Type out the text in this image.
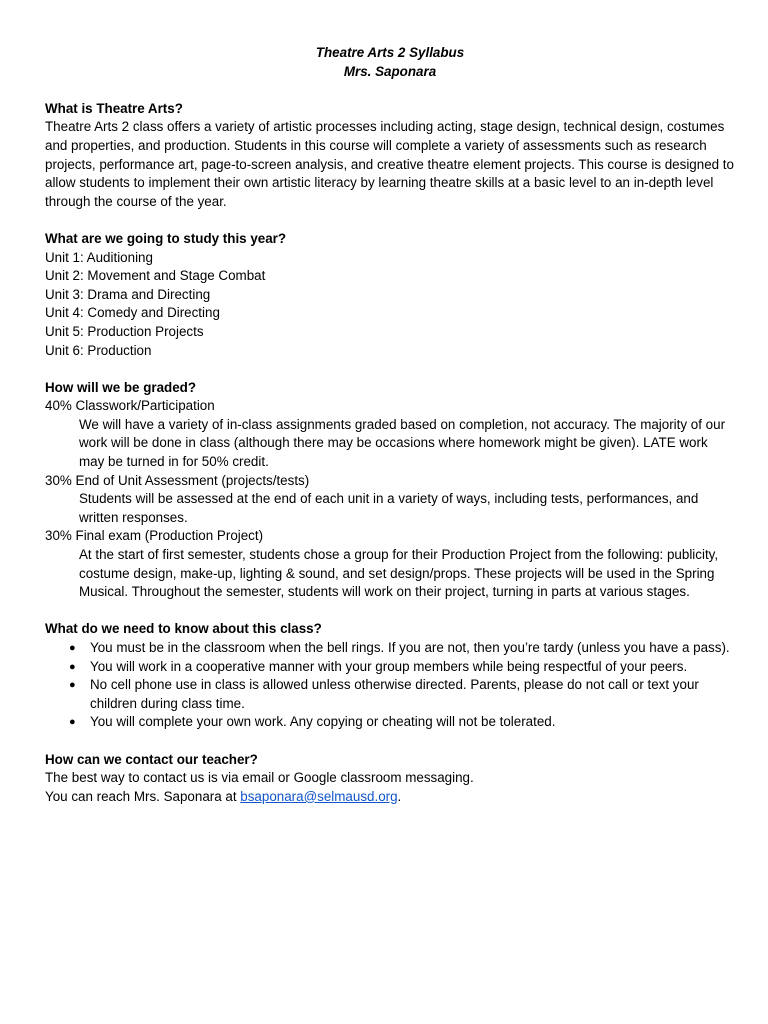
Theatre Arts 2 Syllabus

Mrs. Saponara

What is Theatre Arts?

Theatre Arts 2 class offers a variety of artistic processes including acting, stage design, technical design, costumes and properties, and production. Students in this course will complete a variety of assessments such as research projects, performance art, page-to-screen analysis, and creative theatre element projects. This course is designed to allow students to implement their own artistic literacy by learning theatre skills at a basic level to an in-depth level through the course of the year.

What are we going to study this year?

Unit 1: Auditioning

Unit 2: Movement and Stage Combat

Unit 3: Drama and Directing

Unit 4: Comedy and Directing

Unit 5: Production Projects

Unit 6: Production

How will we be graded?

40% Classwork/Participation

We will have a variety of in-class assignments graded based on completion, not accuracy. The majority of our work will be done in class (although there may be occasions where homework might be given). LATE work may be turned in for 50% credit.

30% End of Unit Assessment (projects/tests)

Students will be assessed at the end of each unit in a variety of ways, including tests, performances, and written responses.

30% Final exam (Production Project)

At the start of first semester, students chose a group for their Production Project from the following: publicity, costume design, make-up, lighting & sound, and set design/props. These projects will be used in the Spring Musical. Throughout the semester, students will work on their project, turning in parts at various stages.

What do we need to know about this class?

● You must be in the classroom when the bell rings. If you are not, then you’re tardy (unless you have a pass).
● You will work in a cooperative manner with your group members while being respectful of your peers.
● No cell phone use in class is allowed unless otherwise directed. Parents, please do not call or text your children during class time.
● You will complete your own work. Any copying or cheating will not be tolerated.

How can we contact our teacher?

The best way to contact us is via email or Google classroom messaging.

You can reach Mrs. Saponara at bsaponara@selmausd.org.
